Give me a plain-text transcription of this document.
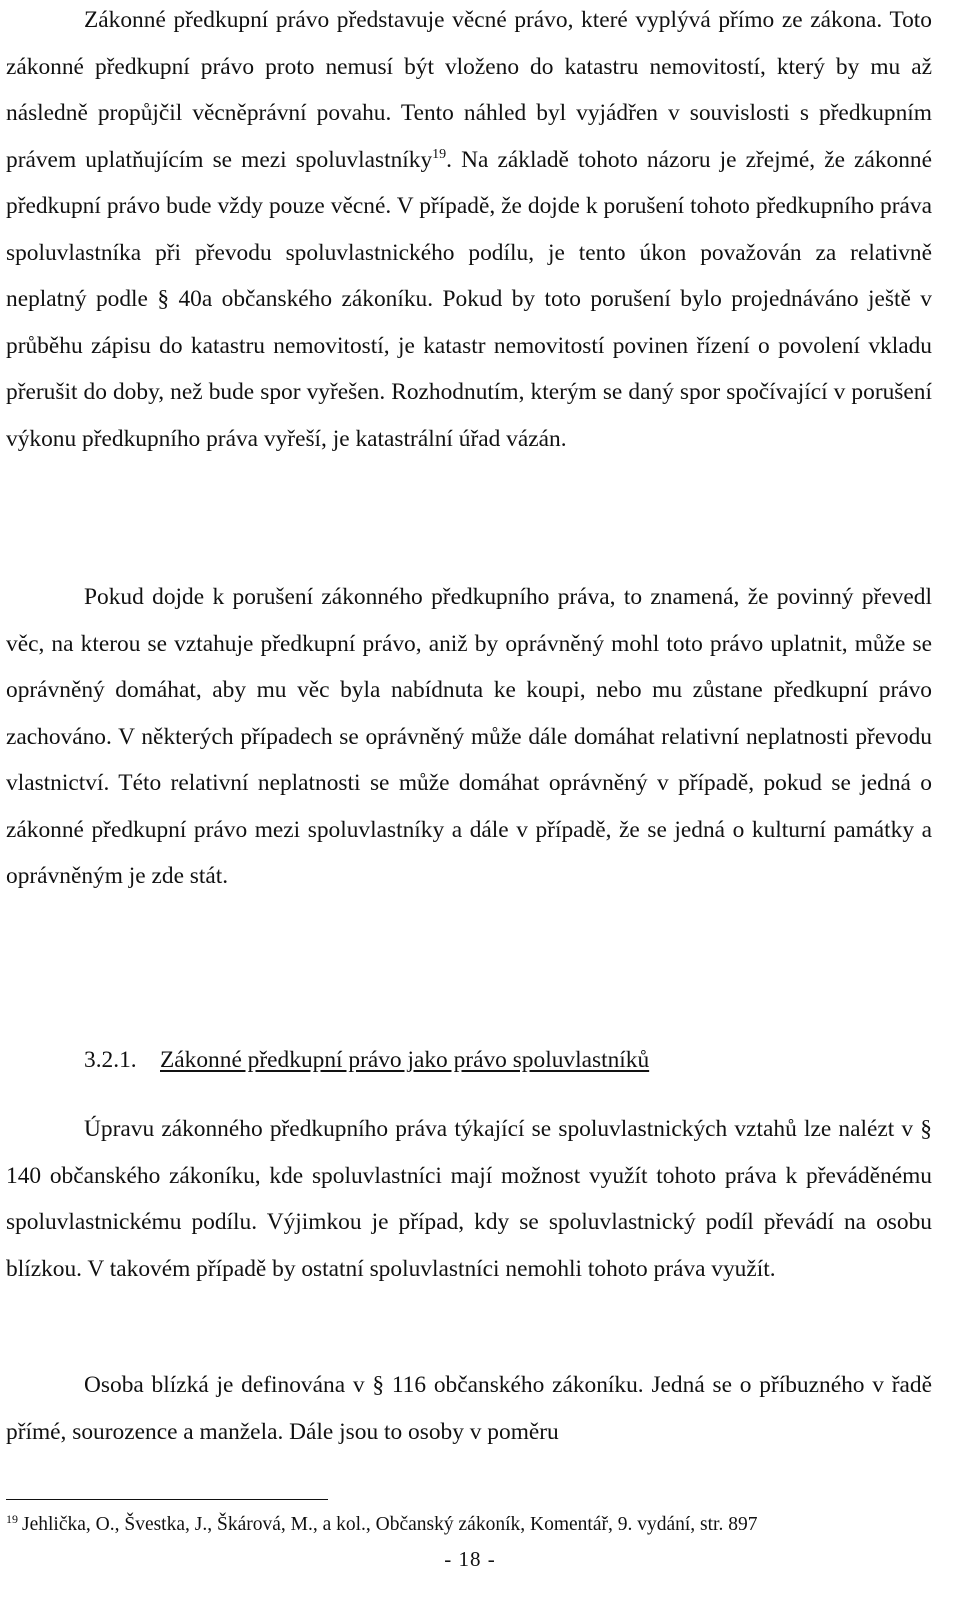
Zákonné předkupní právo představuje věcné právo, které vyplývá přímo ze zákona. Toto zákonné předkupní právo proto nemusí být vloženo do katastru nemovitostí, který by mu až následně propůjčil věcněprávní povahu. Tento náhled byl vyjádřen v souvislosti s předkupním právem uplatňujícím se mezi spoluvlastníky$^{19}$. Na základě tohoto názoru je zřejmé, že zákonné předkupní právo bude vždy pouze věcné. V případě, že dojde k porušení tohoto předkupního práva spoluvlastníka při převodu spoluvlastnického podílu, je tento úkon považován za relativně neplatný podle § 40a občanského zákoníku. Pokud by toto porušení bylo projednáváno ještě v průběhu zápisu do katastru nemovitostí, je katastr nemovitostí povinen řízení o povolení vkladu přerušit do doby, než bude spor vyřešen. Rozhodnutím, kterým se daný spor spočívající v porušení výkonu předkupního práva vyřeší, je katastrální úřad vázán.

Pokud dojde k porušení zákonného předkupního práva, to znamená, že povinný převedl věc, na kterou se vztahuje předkupní právo, aniž by oprávněný mohl toto právo uplatnit, může se oprávněný domáhat, aby mu věc byla nabídnuta ke koupi, nebo mu zůstane předkupní právo zachováno. V některých případech se oprávněný může dále domáhat relativní neplatnosti převodu vlastnictví. Této relativní neplatnosti se může domáhat oprávněný v případě, pokud se jedná o zákonné předkupní právo mezi spoluvlastníky a dále v případě, že se jedná o kulturní památky a oprávněným je zde stát.

3.2.1. Zákonné předkupní právo jako právo spoluvlastníků

Úpravu zákonného předkupního práva týkající se spoluvlastnických vztahů lze nalézt v § 140 občanského zákoníku, kde spoluvlastníci mají možnost využít tohoto práva k převáděnému spoluvlastnickému podílu. Výjimkou je případ, kdy se spoluvlastnický podíl převádí na osobu blízkou. V takovém případě by ostatní spoluvlastníci nemohli tohoto práva využít.

Osoba blízká je definována v § 116 občanského zákoníku. Jedná se o příbuzného v řadě přímé, sourozence a manžela. Dále jsou to osoby v poměru

$^{19}$ Jehlička, O., Švestka, J., Škárová, M., a kol., Občanský zákoník, Komentář, 9. vydání, str. 897
- 18 -
